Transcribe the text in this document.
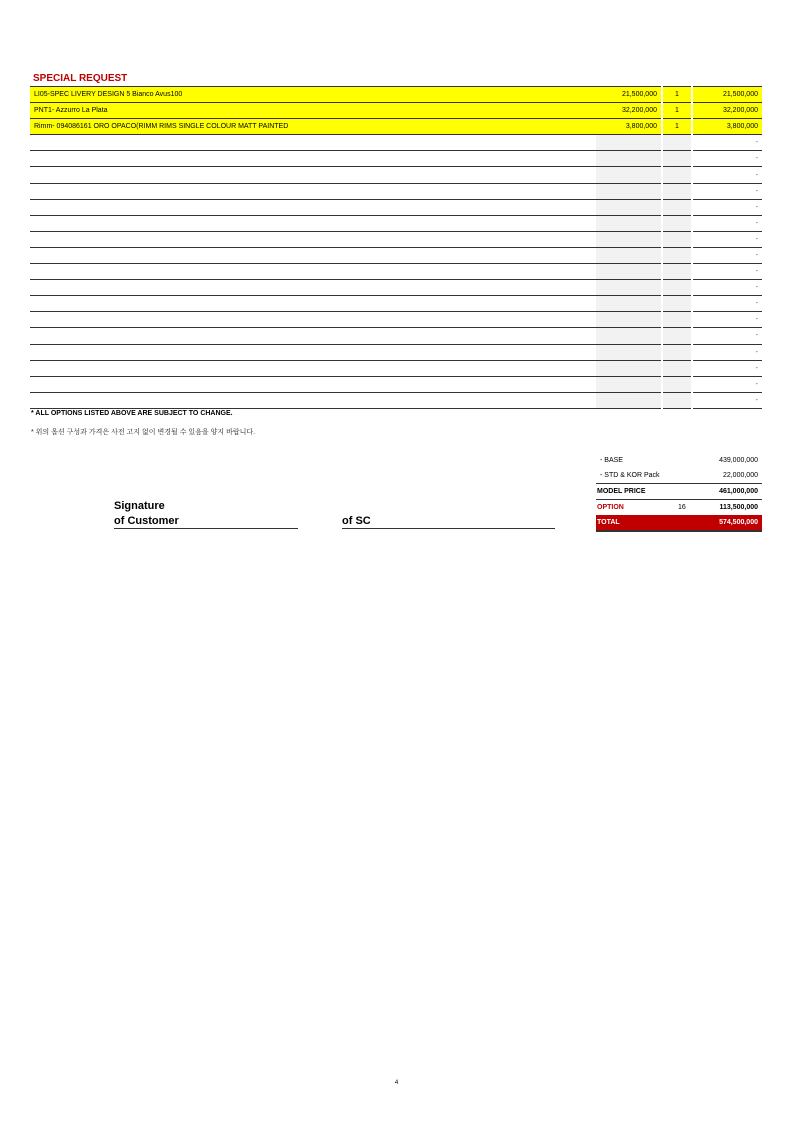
SPECIAL REQUEST
LI05-SPEC LIVERY DESIGN 5 Bianco Avus100	21,500,000	1	21,500,000
PNT1- Azzurro La Plata	32,200,000	1	32,200,000
Rimm- 094086161 ORO OPACO(RIMM RIMS SINGLE COLOUR MATT PAINTED	3,800,000	1	3,800,000
			-
			-
			-
			-
			-
			-
			-
			-
			-
			-
			-
			-
			-
			-
			-
			-
			-
* ALL OPTIONS LISTED ABOVE ARE SUBJECT TO CHANGE.
* 위의 옵션 구성과 가격은 사전 고지 없이 변경될 수 있음을 양지 바랍니다.
Signature
of Customer	of SC
- BASE	439,000,000
- STD & KOR Pack	22,000,000
MODEL PRICE	461,000,000
OPTION	16	113,500,000
TOTAL	574,500,000
4
